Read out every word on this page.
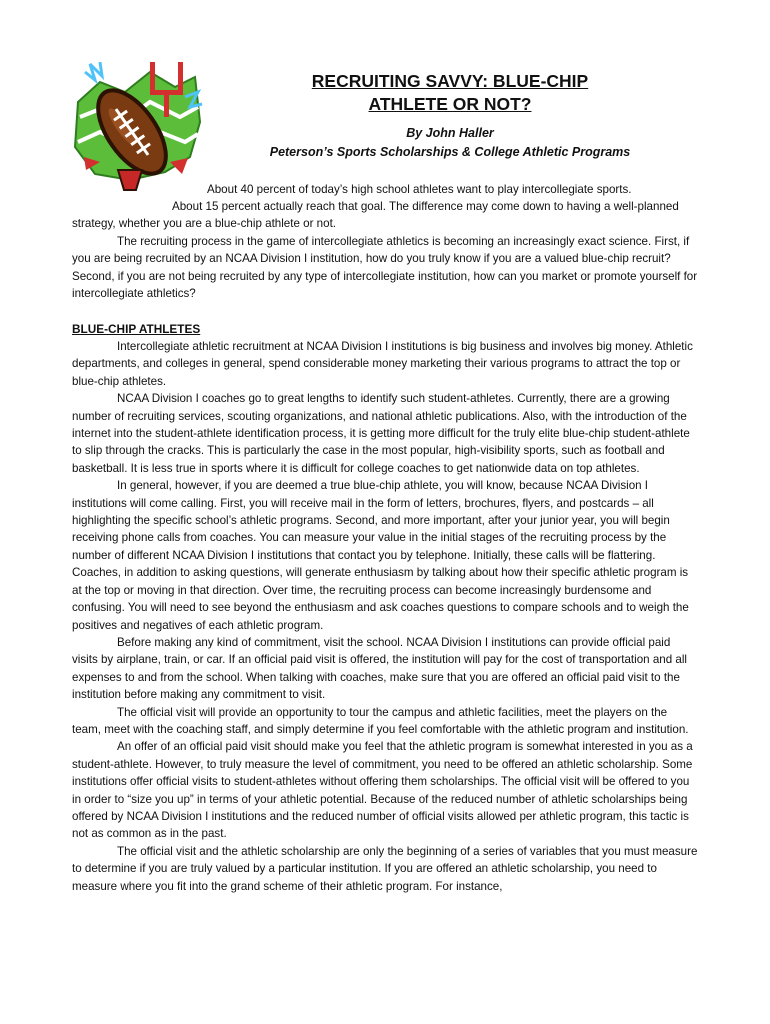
RECRUITING SAVVY: BLUE-CHIP
ATHLETE OR NOT?
By John Haller
Peterson’s Sports Scholarships & College Athletic Programs

About 40 percent of today’s high school athletes want to play intercollegiate sports.

About 15 percent actually reach that goal. The difference may come down to having a well-planned strategy, whether you are a blue-chip athlete or not.

The recruiting process in the game of intercollegiate athletics is becoming an increasingly exact science. First, if you are being recruited by an NCAA Division I institution, how do you truly know if you are a valued blue-chip recruit? Second, if you are not being recruited by any type of intercollegiate institution, how can you market or promote yourself for intercollegiate athletics?

BLUE-CHIP ATHLETES

Intercollegiate athletic recruitment at NCAA Division I institutions is big business and involves big money. Athletic departments, and colleges in general, spend considerable money marketing their various programs to attract the top or blue-chip athletes.

NCAA Division I coaches go to great lengths to identify such student-athletes. Currently, there are a growing number of recruiting services, scouting organizations, and national athletic publications. Also, with the introduction of the internet into the student-athlete identification process, it is getting more difficult for the truly elite blue-chip student-athlete to slip through the cracks. This is particularly the case in the most popular, high-visibility sports, such as football and basketball. It is less true in sports where it is difficult for college coaches to get nationwide data on top athletes.

In general, however, if you are deemed a true blue-chip athlete, you will know, because NCAA Division I institutions will come calling. First, you will receive mail in the form of letters, brochures, flyers, and postcards – all highlighting the specific school’s athletic programs. Second, and more important, after your junior year, you will begin receiving phone calls from coaches. You can measure your value in the initial stages of the recruiting process by the number of different NCAA Division I institutions that contact you by telephone. Initially, these calls will be flattering. Coaches, in addition to asking questions, will generate enthusiasm by talking about how their specific athletic program is at the top or moving in that direction. Over time, the recruiting process can become increasingly burdensome and confusing. You will need to see beyond the enthusiasm and ask coaches questions to compare schools and to weigh the positives and negatives of each athletic program.

Before making any kind of commitment, visit the school. NCAA Division I institutions can provide official paid visits by airplane, train, or car. If an official paid visit is offered, the institution will pay for the cost of transportation and all expenses to and from the school. When talking with coaches, make sure that you are offered an official paid visit to the institution before making any commitment to visit.

The official visit will provide an opportunity to tour the campus and athletic facilities, meet the players on the team, meet with the coaching staff, and simply determine if you feel comfortable with the athletic program and institution.

An offer of an official paid visit should make you feel that the athletic program is somewhat interested in you as a student-athlete. However, to truly measure the level of commitment, you need to be offered an athletic scholarship. Some institutions offer official visits to student-athletes without offering them scholarships. The official visit will be offered to you in order to “size you up” in terms of your athletic potential. Because of the reduced number of athletic scholarships being offered by NCAA Division I institutions and the reduced number of official visits allowed per athletic program, this tactic is not as common as in the past.

The official visit and the athletic scholarship are only the beginning of a series of variables that you must measure to determine if you are truly valued by a particular institution. If you are offered an athletic scholarship, you need to measure where you fit into the grand scheme of their athletic program. For instance,
